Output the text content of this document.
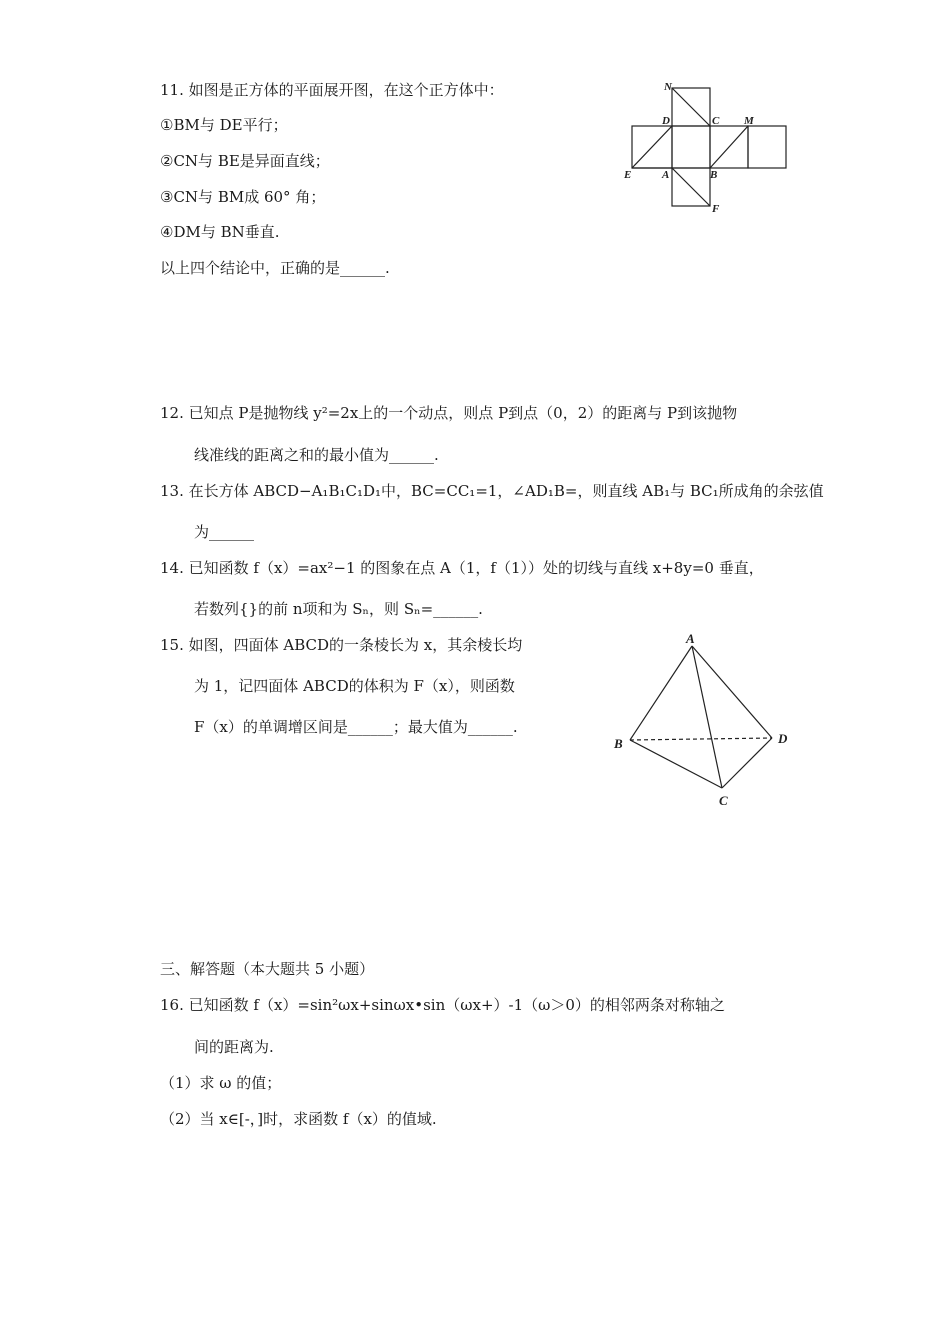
11. 如图是正方体的平面展开图，在这个正方体中：
①BM与 DE平行；
②CN与 BE是异面直线；
③CN与 BM成 60° 角；
④DM与 BN垂直.
以上四个结论中，正确的是______.
N
D	C M
E	A	B
F
12. 已知点 P是抛物线 y²=2x上的一个动点，则点 P到点（0，2）的距离与 P到该抛物
线准线的距离之和的最小值为______.
13. 在长方体 ABCD−A₁B₁C₁D₁中，BC=CC₁=1，∠AD₁B=，则直线 AB₁与 BC₁所成角的余弦值
为______
14. 已知函数 f（x）=ax²−1 的图象在点 A（1，f（1））处的切线与直线 x+8y=0 垂直，
若数列{}的前 n项和为 Sₙ，则 Sₙ=______.
15. 如图，四面体 ABCD的一条棱长为 x，其余棱长均
为 1，记四面体 ABCD的体积为 F（x），则函数
F（x）的单调增区间是______；最大值为______.
A
B
C
D
三、解答题（本大题共 5 小题）
16. 已知函数 f（x）=sin²ωx+sinωx•sin（ωx+）-1（ω＞0）的相邻两条对称轴之
间的距离为.
（1）求 ω 的值；
（2）当 x∈[-，]时，求函数 f（x）的值域.
